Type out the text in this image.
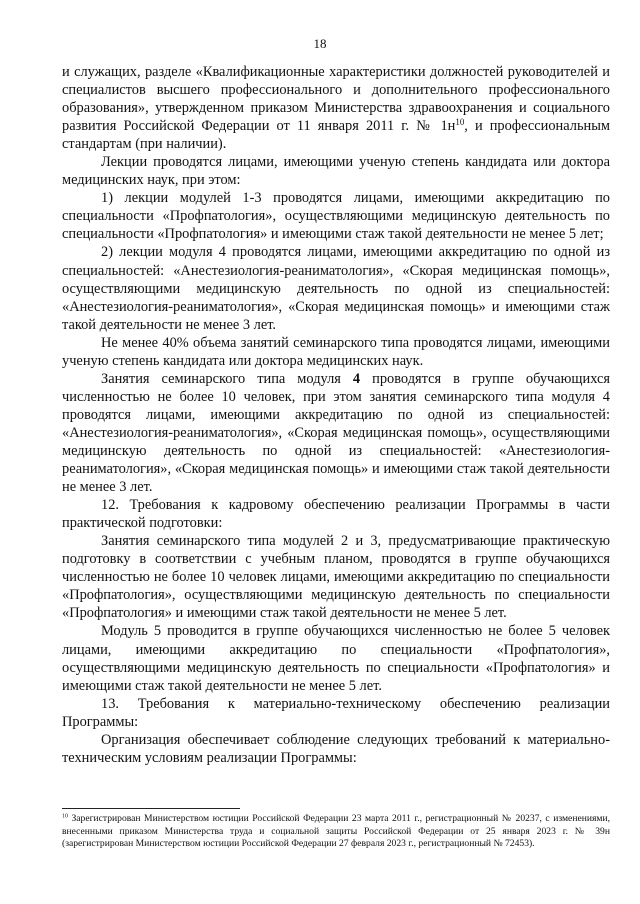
18

и служащих, разделе «Квалификационные характеристики должностей руководителей и специалистов высшего профессионального и дополнительного профессионального образования», утвержденном приказом Министерства здравоохранения и социального развития Российской Федерации от 11 января 2011 г. № $1н^{10}$, и профессиональным стандартам (при наличии).

Лекции проводятся лицами, имеющими ученую степень кандидата или доктора медицинских наук, при этом:

1) лекции модулей 1-3 проводятся лицами, имеющими аккредитацию по специальности «Профпатология», осуществляющими медицинскую деятельность по специальности «Профпатология» и имеющими стаж такой деятельности не менее 5 лет;

2) лекции модуля 4 проводятся лицами, имеющими аккредитацию по одной из специальностей: «Анестезиология-реаниматология», «Скорая медицинская помощь», осуществляющими медицинскую деятельность по одной из специальностей: «Анестезиология-реаниматология», «Скорая медицинская помощь» и имеющими стаж такой деятельности не менее 3 лет.

Не менее 40% объема занятий семинарского типа проводятся лицами, имеющими ученую степень кандидата или доктора медицинских наук.

Занятия семинарского типа модуля 4 проводятся в группе обучающихся численностью не более 10 человек, при этом занятия семинарского типа модуля 4 проводятся лицами, имеющими аккредитацию по одной из специальностей: «Анестезиология-реаниматология», «Скорая медицинская помощь», осуществляющими медицинскую деятельность по одной из специальностей: «Анестезиология-реаниматология», «Скорая медицинская помощь» и имеющими стаж такой деятельности не менее 3 лет.

12. Требования к кадровому обеспечению реализации Программы в части практической подготовки:

Занятия семинарского типа модулей 2 и 3, предусматривающие практическую подготовку в соответствии с учебным планом, проводятся в группе обучающихся численностью не более 10 человек лицами, имеющими аккредитацию по специальности «Профпатология», осуществляющими медицинскую деятельность по специальности «Профпатология» и имеющими стаж такой деятельности не менее 5 лет.

Модуль 5 проводится в группе обучающихся численностью не более 5 человек лицами, имеющими аккредитацию по специальности «Профпатология», осуществляющими медицинскую деятельность по специальности «Профпатология» и имеющими стаж такой деятельности не менее 5 лет.

13. Требования к материально-техническому обеспечению реализации Программы:

Организация обеспечивает соблюдение следующих требований к материально-техническим условиям реализации Программы:

$^{10}$ Зарегистрирован Министерством юстиции Российской Федерации 23 марта 2011 г., регистрационный № 20237, с изменениями, внесенными приказом Министерства труда и социальной защиты Российской Федерации от 25 января 2023 г. № 39н (зарегистрирован Министерством юстиции Российской Федерации 27 февраля 2023 г., регистрационный № 72453).
